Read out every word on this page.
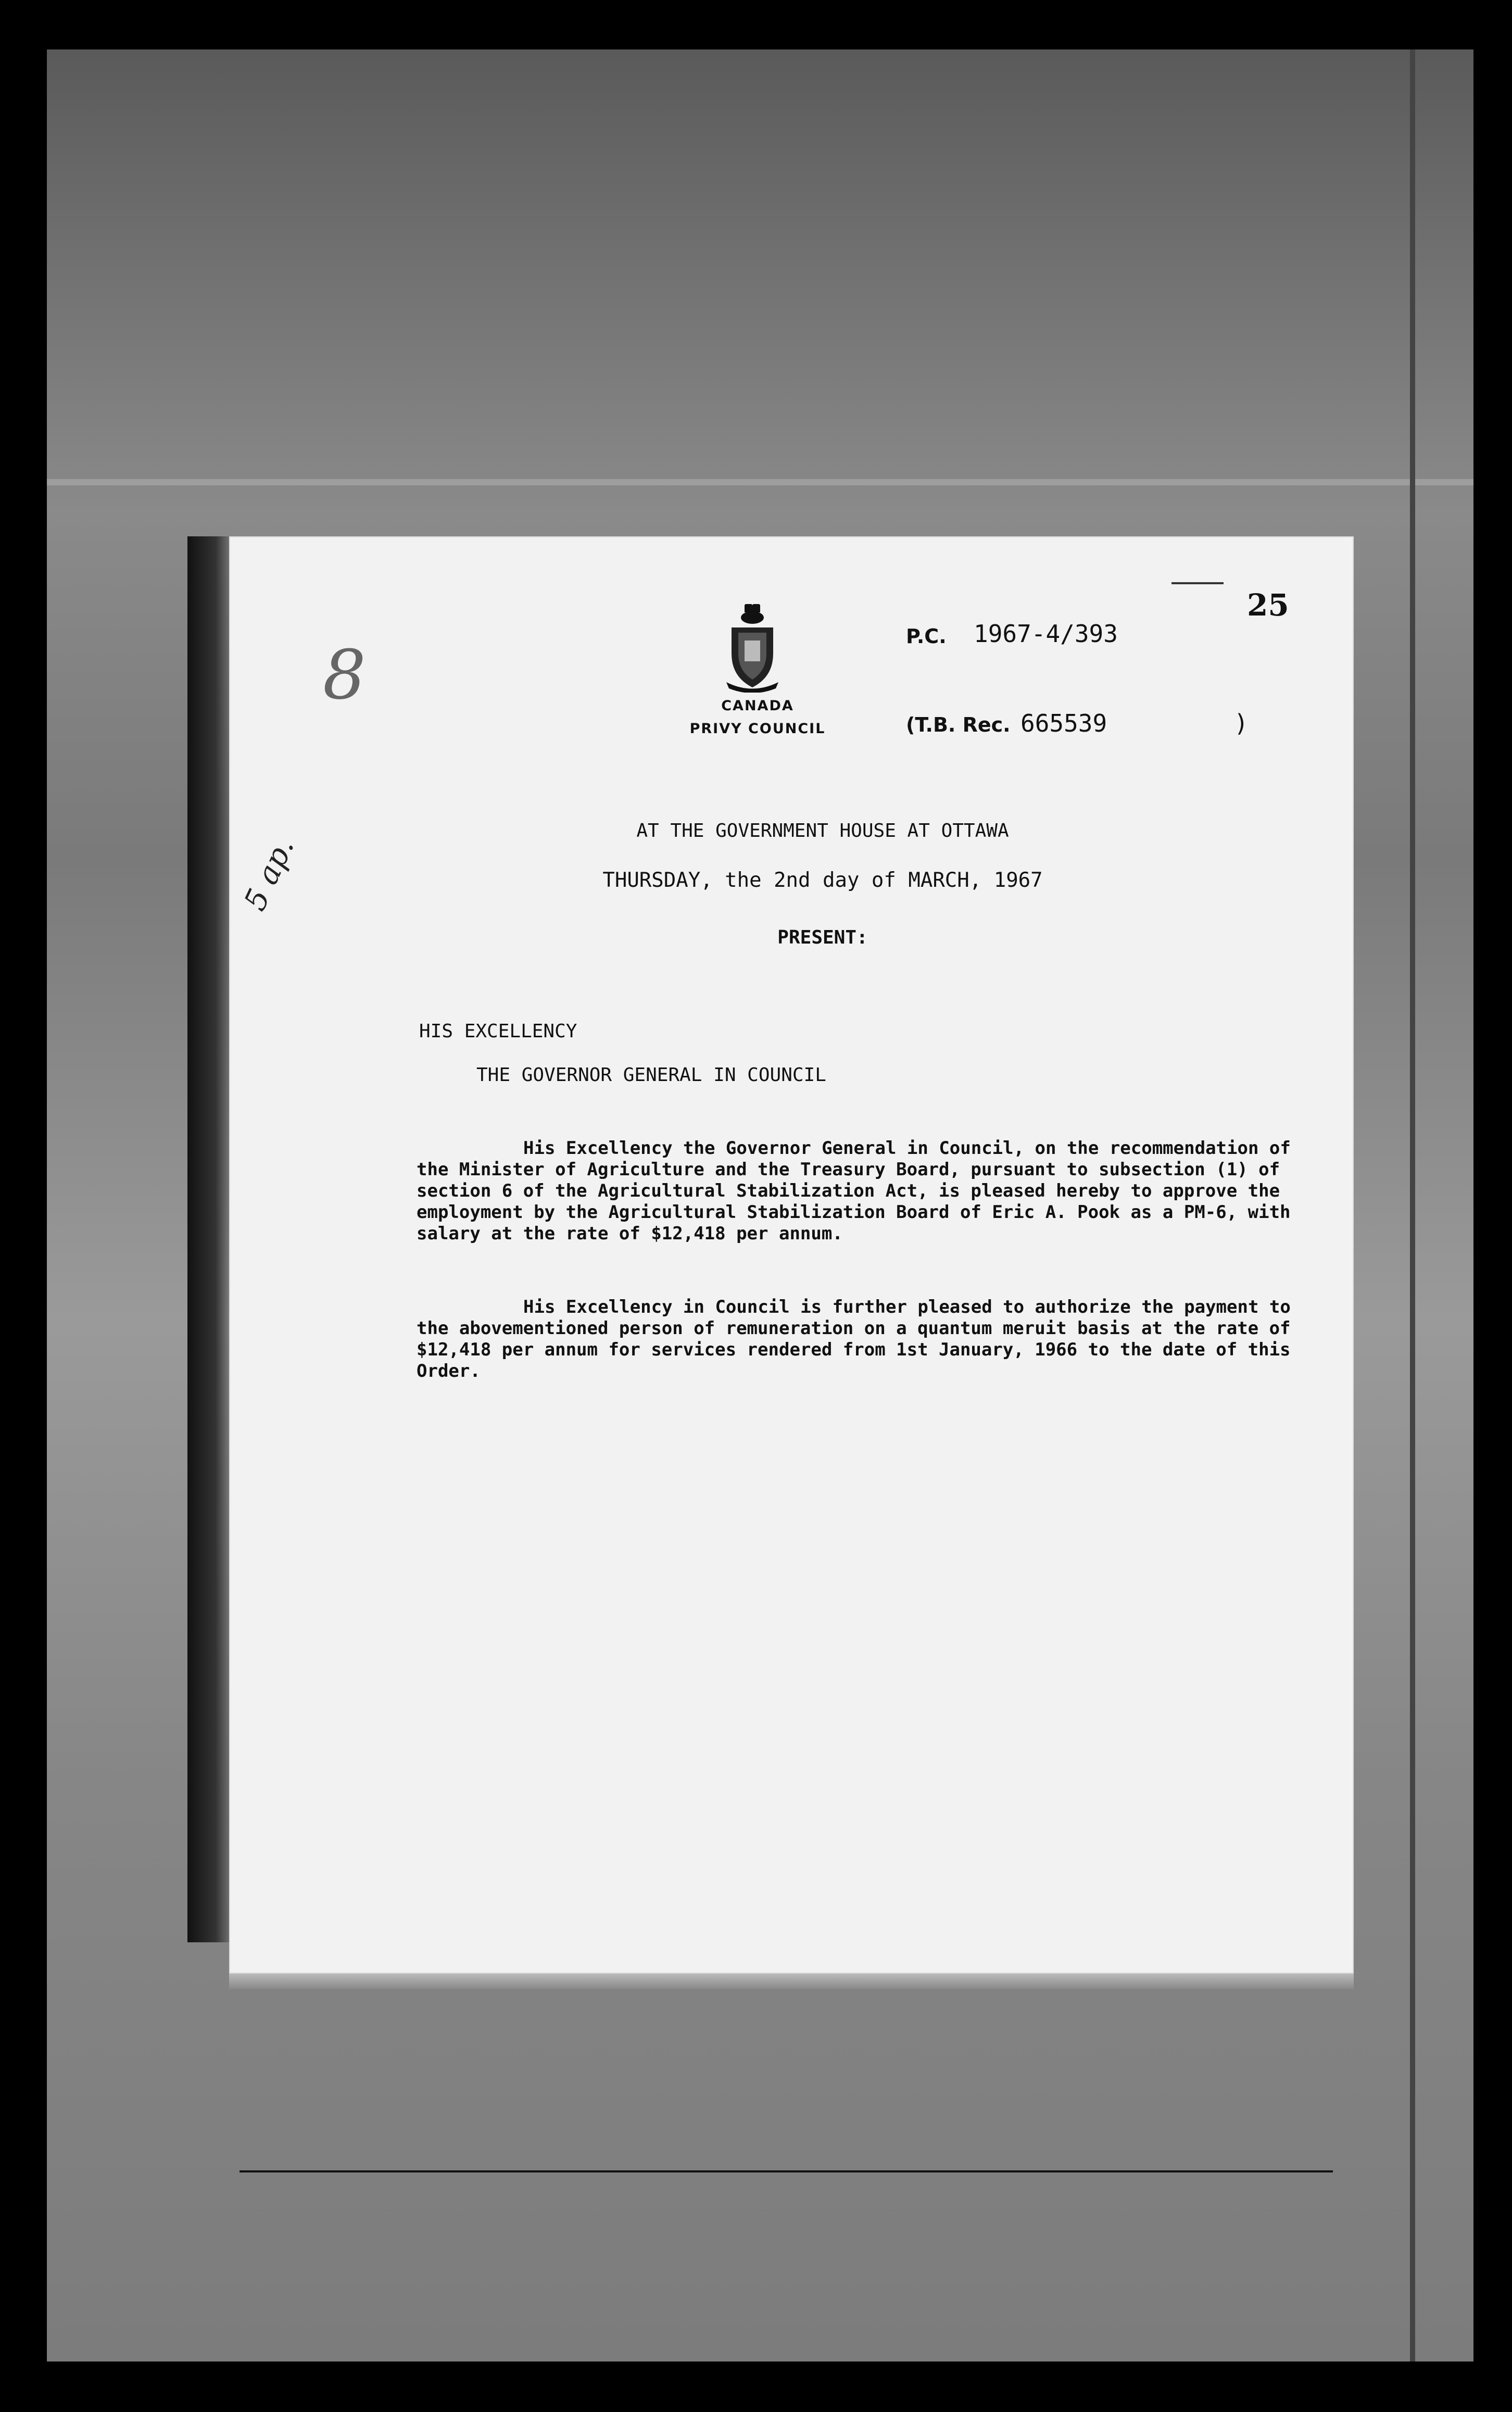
25
CANADA
PRIVY COUNCIL
P.C. 1967-4/393
(T.B. Rec. 665539	)
8
5 ap.
AT THE GOVERNMENT HOUSE AT OTTAWA
THURSDAY, the 2nd day of MARCH, 1967
PRESENT:
HIS EXCELLENCY
THE GOVERNOR GENERAL IN COUNCIL

His Excellency the Governor General in Council, on the recommendation of the Minister of Agriculture and the Treasury Board, pursuant to subsection (1) of section 6 of the Agricultural Stabilization Act, is pleased hereby to approve the employment by the Agricultural Stabilization Board of Eric A. Pook as a PM-6, with salary at the rate of $12,418 per annum.

His Excellency in Council is further pleased to authorize the payment to the abovementioned person of remuneration on a quantum meruit basis at the rate of $12,418 per annum for services rendered from 1st January, 1966 to the date of this Order.
